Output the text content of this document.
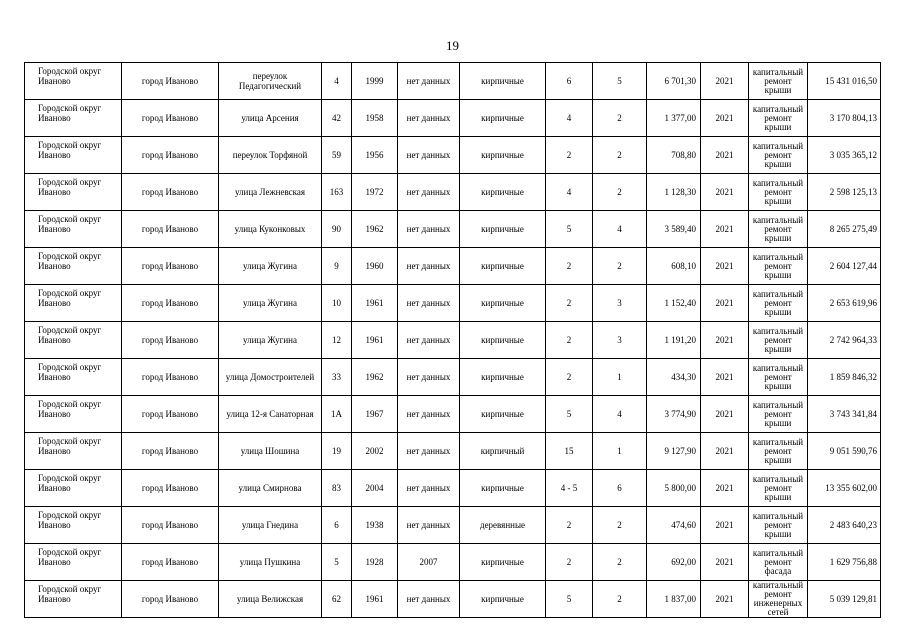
19
Городской округ Иваново	город Иваново	переулок Педагогический	4	1999	нет данных	кирпичные	6	5	6 701,30	2021	капитальный ремонт крыши	15 431 016,50
Городской округ Иваново	город Иваново	улица Арсения	42	1958	нет данных	кирпичные	4	2	1 377,00	2021	капитальный ремонт крыши	3 170 804,13
Городской округ Иваново	город Иваново	переулок Торфяной	59	1956	нет данных	кирпичные	2	2	708,80	2021	капитальный ремонт крыши	3 035 365,12
Городской округ Иваново	город Иваново	улица Лежневская	163	1972	нет данных	кирпичные	4	2	1 128,30	2021	капитальный ремонт крыши	2 598 125,13
Городской округ Иваново	город Иваново	улица Куконковых	90	1962	нет данных	кирпичные	5	4	3 589,40	2021	капитальный ремонт крыши	8 265 275,49
Городской округ Иваново	город Иваново	улица Жугина	9	1960	нет данных	кирпичные	2	2	608,10	2021	капитальный ремонт крыши	2 604 127,44
Городской округ Иваново	город Иваново	улица Жугина	10	1961	нет данных	кирпичные	2	3	1 152,40	2021	капитальный ремонт крыши	2 653 619,96
Городской округ Иваново	город Иваново	улица Жугина	12	1961	нет данных	кирпичные	2	3	1 191,20	2021	капитальный ремонт крыши	2 742 964,33
Городской округ Иваново	город Иваново	улица Домостроителей	33	1962	нет данных	кирпичные	2	1	434,30	2021	капитальный ремонт крыши	1 859 846,32
Городской округ Иваново	город Иваново	улица 12-я Санаторная	1А	1967	нет данных	кирпичные	5	4	3 774,90	2021	капитальный ремонт крыши	3 743 341,84
Городской округ Иваново	город Иваново	улица Шошина	19	2002	нет данных	кирпичный	15	1	9 127,90	2021	капитальный ремонт крыши	9 051 590,76
Городской округ Иваново	город Иваново	улица Смирнова	83	2004	нет данных	кирпичные	4 - 5	6	5 800,00	2021	капитальный ремонт крыши	13 355 602,00
Городской округ Иваново	город Иваново	улица Гнедина	6	1938	нет данных	деревянные	2	2	474,60	2021	капитальный ремонт крыши	2 483 640,23
Городской округ Иваново	город Иваново	улица Пушкина	5	1928	2007	кирпичные	2	2	692,00	2021	капитальный ремонт фасада	1 629 756,88
Городской округ Иваново	город Иваново	улица Велижская	62	1961	нет данных	кирпичные	5	2	1 837,00	2021	капитальный ремонт инженерных сетей	5 039 129,81
